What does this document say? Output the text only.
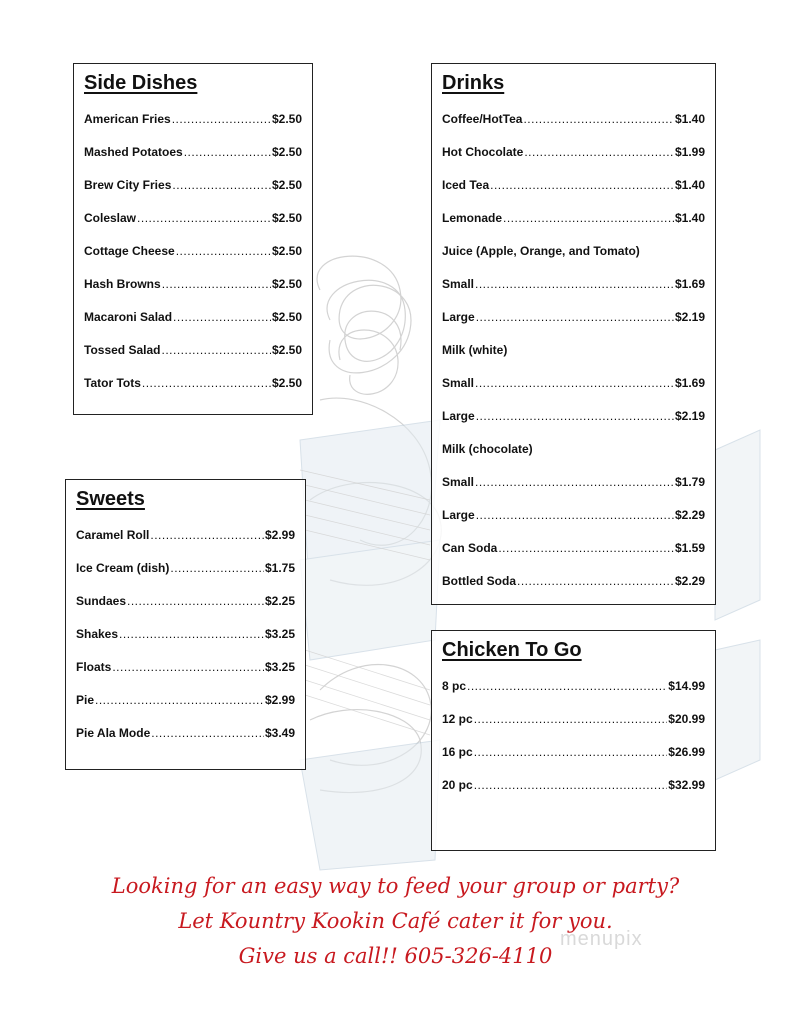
Side Dishes
American Fries .....	$2.50
Mashed Potatoes .....	$2.50
Brew City Fries .....	$2.50
Coleslaw .....	$2.50
Cottage Cheese .....	$2.50
Hash Browns .....	$2.50
Macaroni Salad .....	$2.50
Tossed Salad .....	$2.50
Tator Tots .....	$2.50
Drinks
Coffee/HotTea .....	$1.40
Hot Chocolate .....	$1.99
Iced Tea .....	$1.40
Lemonade .....	$1.40
Juice (Apple, Orange, and Tomato)
Small .....	$1.69
Large .....	$2.19
Milk (white)
Small .....	$1.69
Large .....	$2.19
Milk (chocolate)
Small .....	$1.79
Large .....	$2.29
Can Soda .....	$1.59
Bottled Soda .....	$2.29
Sweets
Caramel Roll .....	$2.99
Ice Cream (dish) .....	$1.75
Sundaes .....	$2.25
Shakes .....	$3.25
Floats .....	$3.25
Pie .....	$2.99
Pie Ala Mode .....	$3.49
Chicken To Go
8 pc .....	$14.99
12 pc .....	$20.99
16 pc .....	$26.99
20 pc .....	$32.99
Looking for an easy way to feed your group or party?
Let Kountry Kookin Café cater it for you.
Give us a call!! 605-326-4110
menupix
